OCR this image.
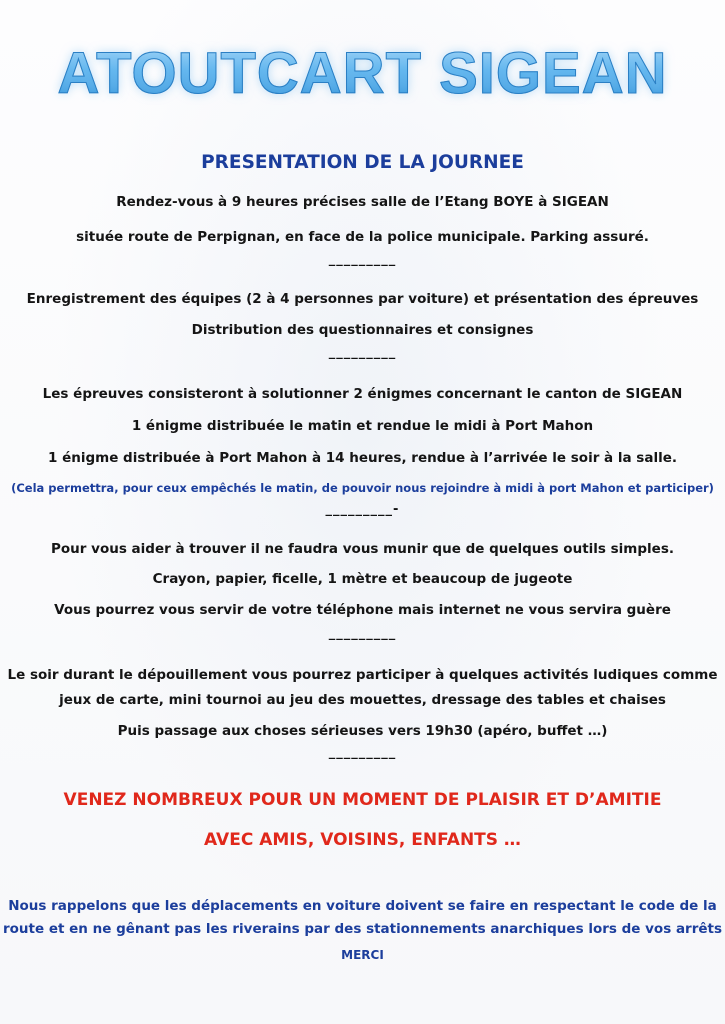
ATOUTCART SIGEAN
PRESENTATION DE LA JOURNEE
Rendez-vous à 9 heures précises salle de l’Etang BOYE à SIGEAN
située route de Perpignan, en face de la police municipale. Parking assuré.
_________
Enregistrement des équipes (2 à 4 personnes par voiture) et présentation des épreuves
Distribution des questionnaires et consignes
_________
Les épreuves consisteront à solutionner 2 énigmes concernant le canton de SIGEAN
1 énigme distribuée le matin et rendue le midi à Port Mahon
1 énigme distribuée à Port Mahon à 14 heures, rendue à l’arrivée le soir à la salle.
(Cela permettra, pour ceux empêchés le matin, de pouvoir nous rejoindre à midi à port Mahon et participer)
_________-
Pour vous aider à trouver il ne faudra vous munir que de quelques outils simples.
Crayon, papier, ficelle, 1 mètre et beaucoup de jugeote
Vous pourrez vous servir de votre téléphone mais internet ne vous servira guère
_________
Le soir durant le dépouillement vous pourrez participer à quelques activités ludiques comme
jeux de carte, mini tournoi au jeu des mouettes, dressage des tables et chaises
Puis passage aux choses sérieuses vers 19h30 (apéro, buffet …)
_________
VENEZ NOMBREUX POUR UN MOMENT DE PLAISIR ET D’AMITIE
AVEC AMIS, VOISINS, ENFANTS …
Nous rappelons que les déplacements en voiture doivent se faire en respectant le code de la
route et en ne gênant pas les riverains par des stationnements anarchiques lors de vos arrêts
MERCI
